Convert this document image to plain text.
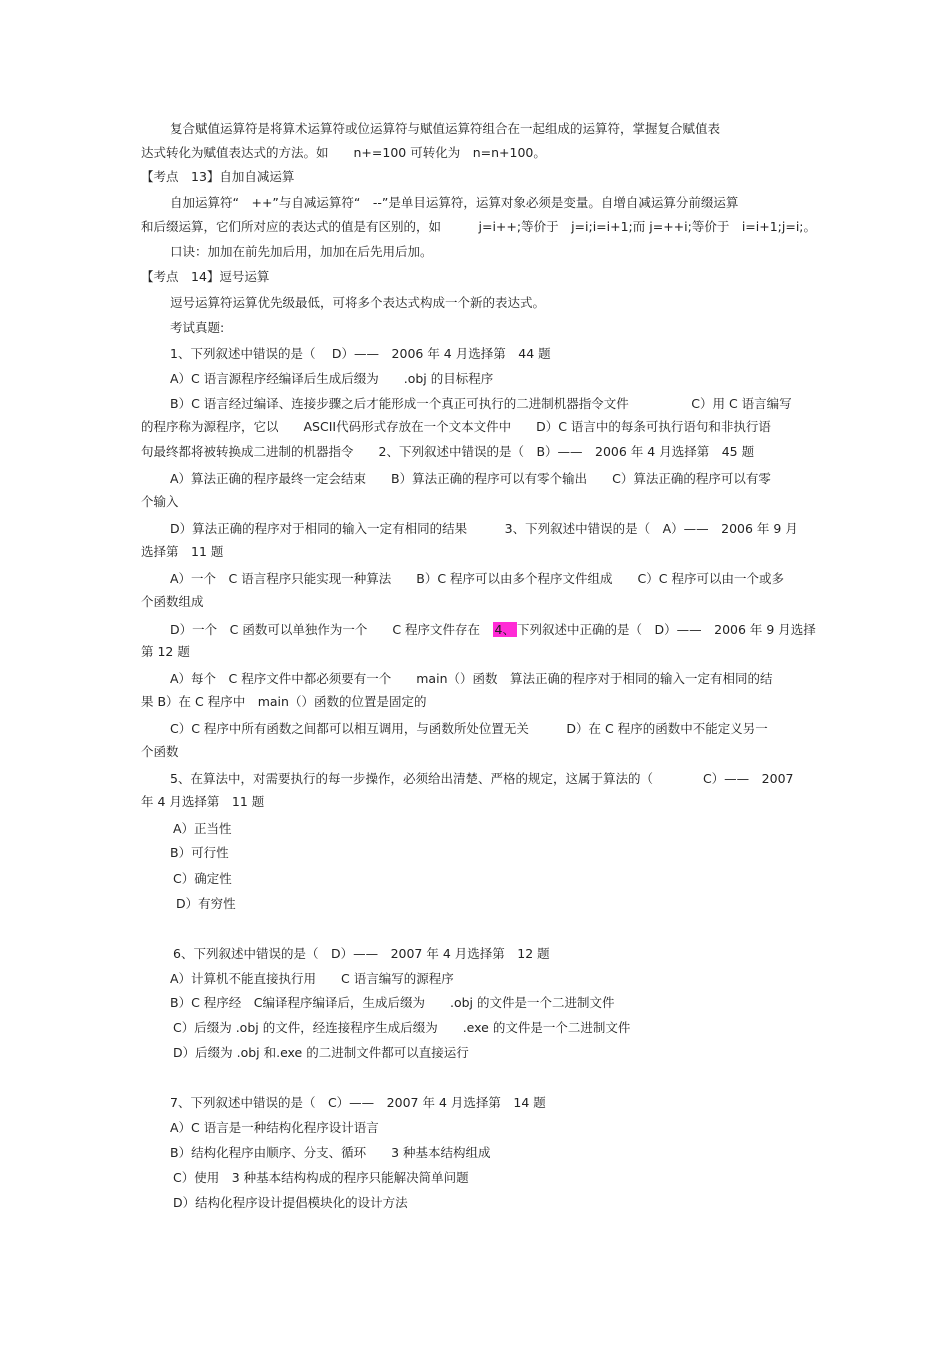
复合赋值运算符是将算术运算符或位运算符与赋值运算符组合在一起组成的运算符，掌握复合赋值表
达式转化为赋值表达式的方法。如　　n+=100 可转化为　n=n+100。
【考点　13】自加自减运算
自加运算符“　++”与自减运算符“　--”是单目运算符，运算对象必须是变量。自增自减运算分前缀运算
和后缀运算，它们所对应的表达式的值是有区别的，如　　　j=i++;等价于　j=i;i=i+1;而 j=++i;等价于　i=i+1;j=i;。
口诀：加加在前先加后用，加加在后先用后加。
【考点　14】逗号运算
逗号运算符运算优先级最低，可将多个表达式构成一个新的表达式。
考试真题:
1、下列叙述中错误的是（　 D）——　2006 年 4 月选择第　44 题
A）C 语言源程序经编译后生成后缀为　　.obj 的目标程序
B）C 语言经过编译、连接步骤之后才能形成一个真正可执行的二进制机器指令文件　　　　　C）用 C 语言编写
的程序称为源程序，它以　　ASCII代码形式存放在一个文本文件中　　D）C 语言中的每条可执行语句和非执行语
句最终都将被转换成二进制的机器指令　　2、下列叙述中错误的是（　B）——　2006 年 4 月选择第　45 题
A）算法正确的程序最终一定会结束　　B）算法正确的程序可以有零个输出　　C）算法正确的程序可以有零
个输入
D）算法正确的程序对于相同的输入一定有相同的结果　　　3、下列叙述中错误的是（　A）——　2006 年 9 月
选择第　11 题
A）一个　C 语言程序只能实现一种算法　　B）C 程序可以由多个程序文件组成　　C）C 程序可以由一个或多
个函数组成
D）一个　C 函数可以单独作为一个　　C 程序文件存在　4、 下列叙述中正确的是（　D）——　2006 年 9 月选择
第 12 题
A）每个　C 程序文件中都必须要有一个　　main（）函数　算法正确的程序对于相同的输入一定有相同的结
果 B）在 C 程序中　main（）函数的位置是固定的
C）C 程序中所有函数之间都可以相互调用，与函数所处位置无关　　　D）在 C 程序的函数中不能定义另一
个函数
5、在算法中，对需要执行的每一步操作，必须给出清楚、严格的规定，这属于算法的（　　　　C）——　2007
年 4 月选择第　11 题
A）正当性
B）可行性
C）确定性
D）有穷性
6、下列叙述中错误的是（　D）——　2007 年 4 月选择第　12 题
A）计算机不能直接执行用　　C 语言编写的源程序
B）C 程序经　C编译程序编译后，生成后缀为　　.obj 的文件是一个二进制文件
C）后缀为 .obj 的文件，经连接程序生成后缀为　　.exe 的文件是一个二进制文件
D）后缀为 .obj 和.exe 的二进制文件都可以直接运行
7、下列叙述中错误的是（　C）——　2007 年 4 月选择第　14 题
A）C 语言是一种结构化程序设计语言
B）结构化程序由顺序、分支、循环　　3 种基本结构组成
C）使用　3 种基本结构构成的程序只能解决简单问题
D）结构化程序设计提倡模块化的设计方法
